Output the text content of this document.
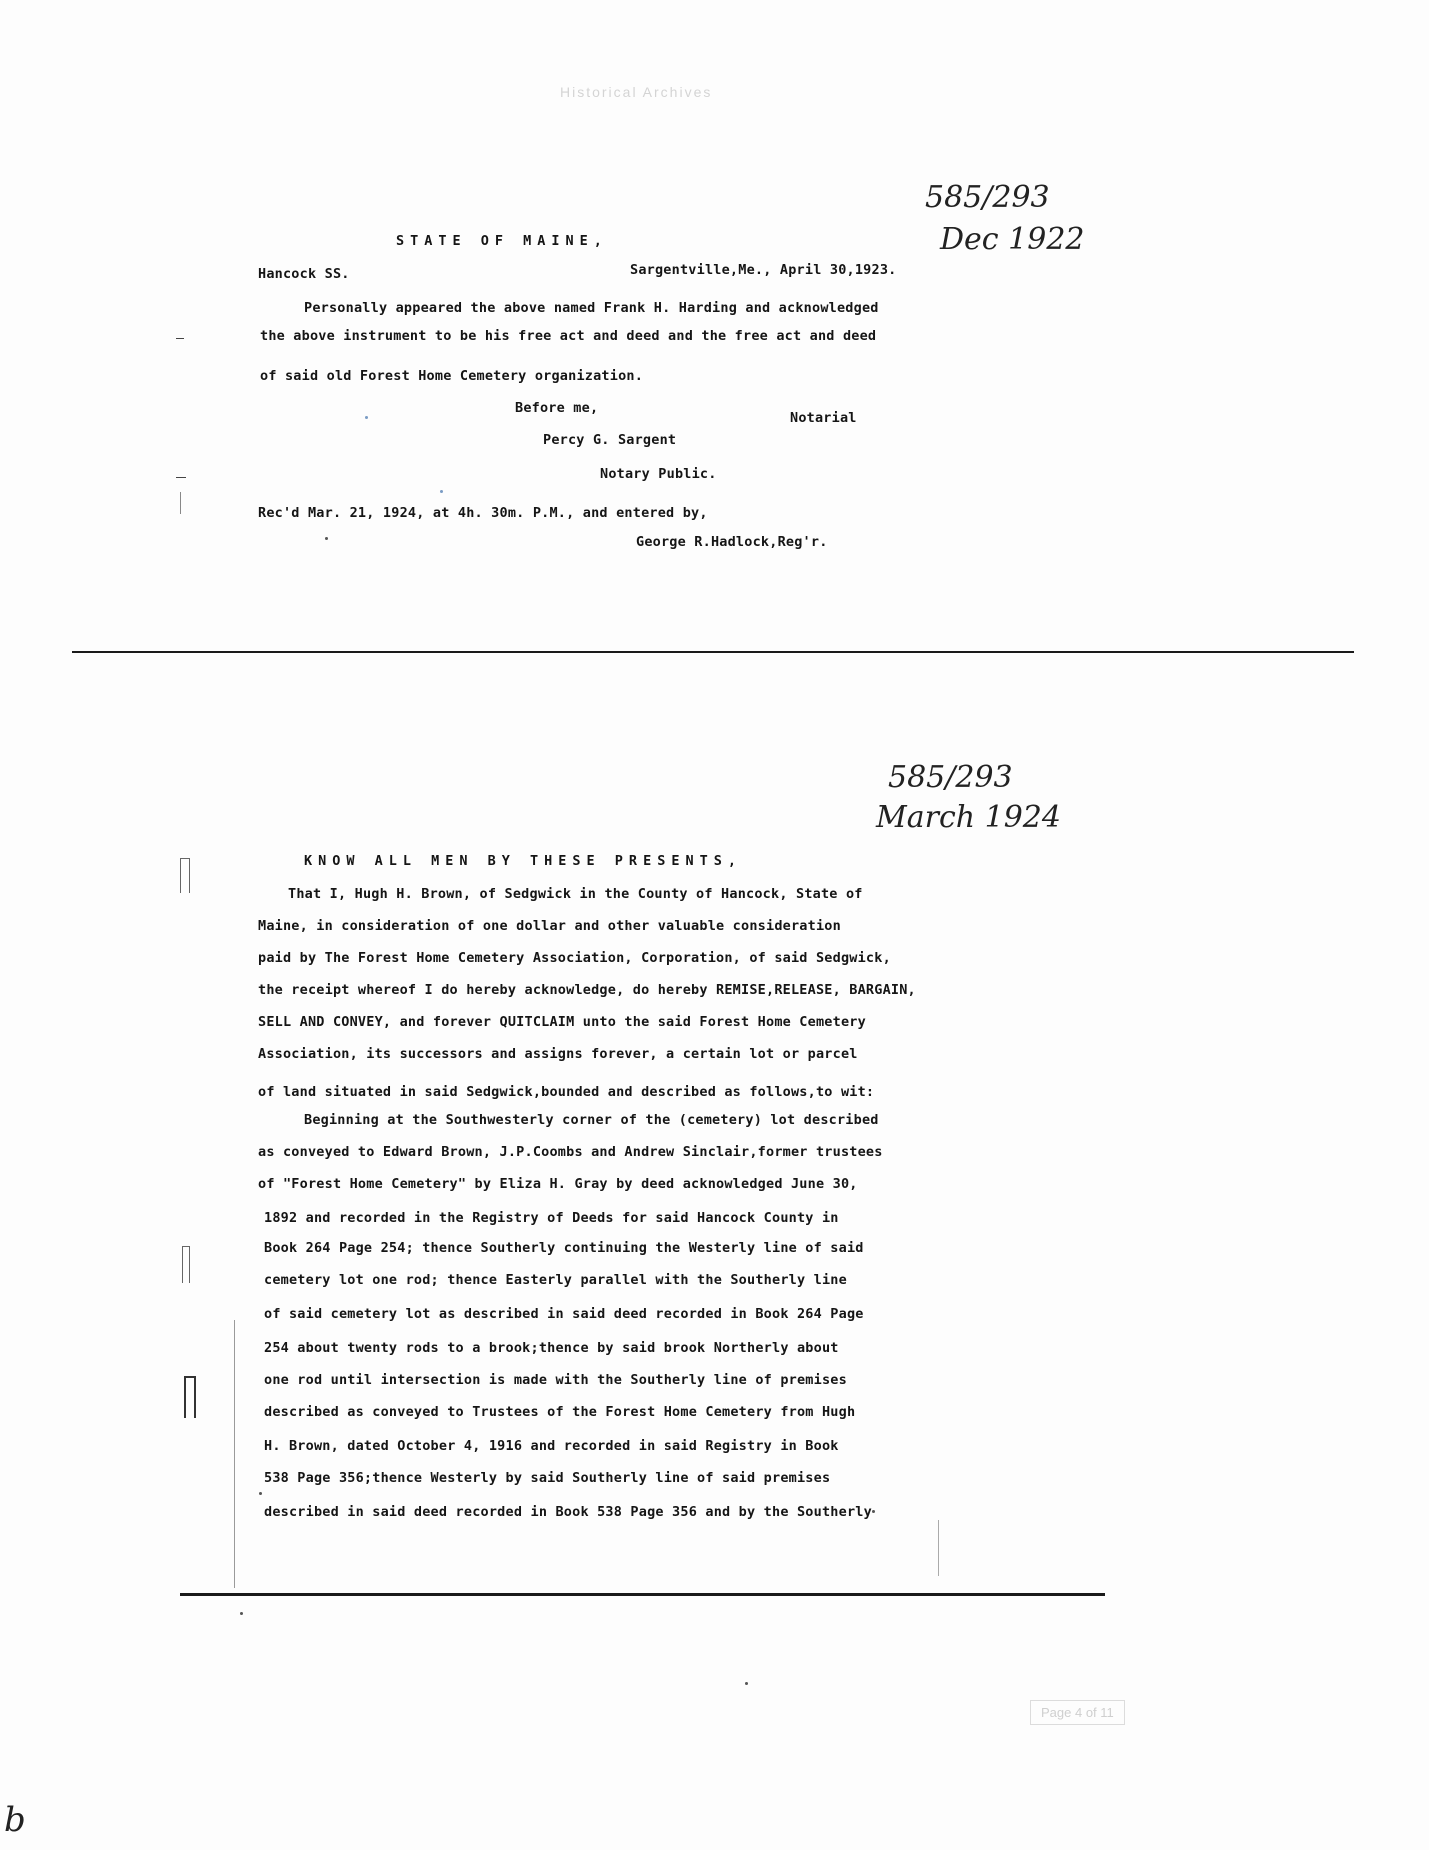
Historical Archives
585/293
Dec 1922
STATE OF MAINE,
Hancock SS.	Sargentville,Me., April 30,1923.
Personally appeared the above named Frank H. Harding and acknowledged
the above instrument to be his free act and deed and the free act and deed
of said old Forest Home Cemetery organization.
Before me,
Notarial
Percy G. Sargent
Notary Public.
Rec'd Mar. 21, 1924, at 4h. 30m. P.M., and entered by,
George R.Hadlock,Reg'r.
585/293
March 1924
KNOW ALL MEN BY THESE PRESENTS,
That I, Hugh H. Brown, of Sedgwick in the County of Hancock, State of
Maine, in consideration of one dollar and other valuable consideration
paid by The Forest Home Cemetery Association, Corporation, of said Sedgwick,
the receipt whereof I do hereby acknowledge, do hereby REMISE,RELEASE, BARGAIN,
SELL AND CONVEY, and forever QUITCLAIM unto the said Forest Home Cemetery
Association, its successors and assigns forever, a certain lot or parcel
of land situated in said Sedgwick,bounded and described as follows,to wit:
Beginning at the Southwesterly corner of the (cemetery) lot described
as conveyed to Edward Brown, J.P.Coombs and Andrew Sinclair,former trustees
of "Forest Home Cemetery" by Eliza H. Gray by deed acknowledged June 30,
1892 and recorded in the Registry of Deeds for said Hancock County in
Book 264 Page 254; thence Southerly continuing the Westerly line of said
cemetery lot one rod; thence Easterly parallel with the Southerly line
of said cemetery lot as described in said deed recorded in Book 264 Page
254 about twenty rods to a brook;thence by said brook Northerly about
one rod until intersection is made with the Southerly line of premises
described as conveyed to Trustees of the Forest Home Cemetery from Hugh
H. Brown, dated October 4, 1916 and recorded in said Registry in Book
538 Page 356;thence Westerly by said Southerly line of said premises
described in said deed recorded in Book 538 Page 356 and by the Southerly
Page 4 of 11
b
